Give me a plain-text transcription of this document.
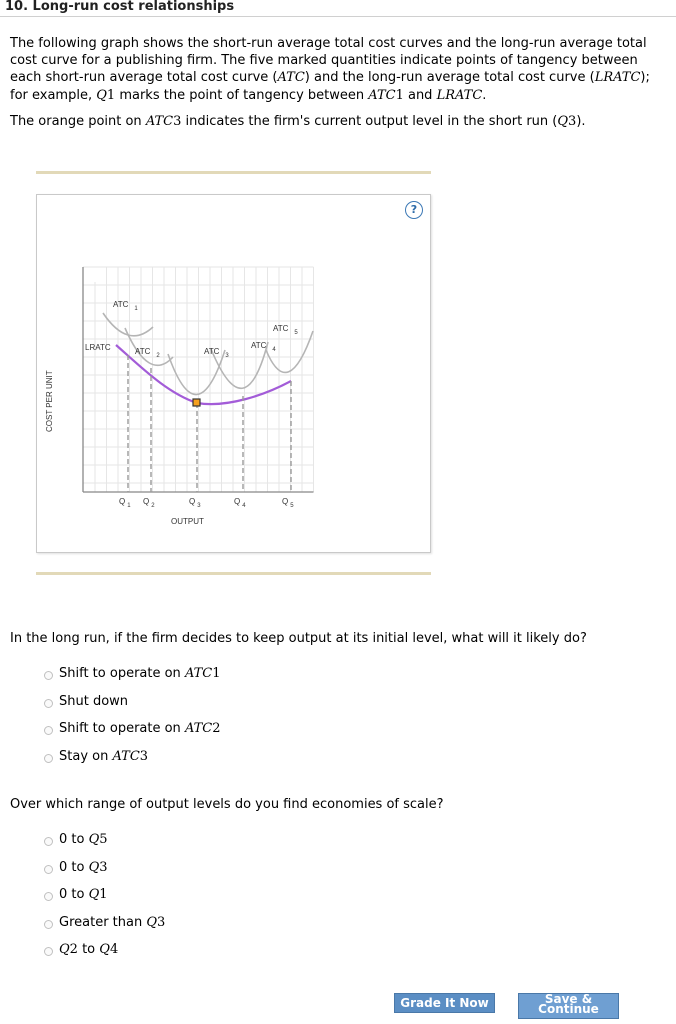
10. Long-run cost relationships

The following graph shows the short-run average total cost curves and the long-run average total cost curve for a publishing firm. The five marked quantities indicate points of tangency between each short-run average total cost curve (ATC) and the long-run average total cost curve (LRATC); for example, Q1 marks the point of tangency between ATC1 and LRATC.

The orange point on ATC3 indicates the firm's current output level in the short run (Q3).

?
COST PER UNIT
OUTPUT
LRATC
ATC $_1$
ATC $_2$	ATC $_3$
ATC $_4$
ATC $_5$
Q $_1$ Q $_2$	Q $_3$	Q $_4$	Q $_5$
In the long run, if the firm decides to keep output at its initial level, what will it likely do?
Shift to operate on ATC1
Shut down
Shift to operate on ATC2
Stay on ATC3
Over which range of output levels do you find economies of scale?
0 to Q5
0 to Q3
0 to Q1
Greater than Q3
Q2 to Q4
Grade It Now	Save &
Continue
